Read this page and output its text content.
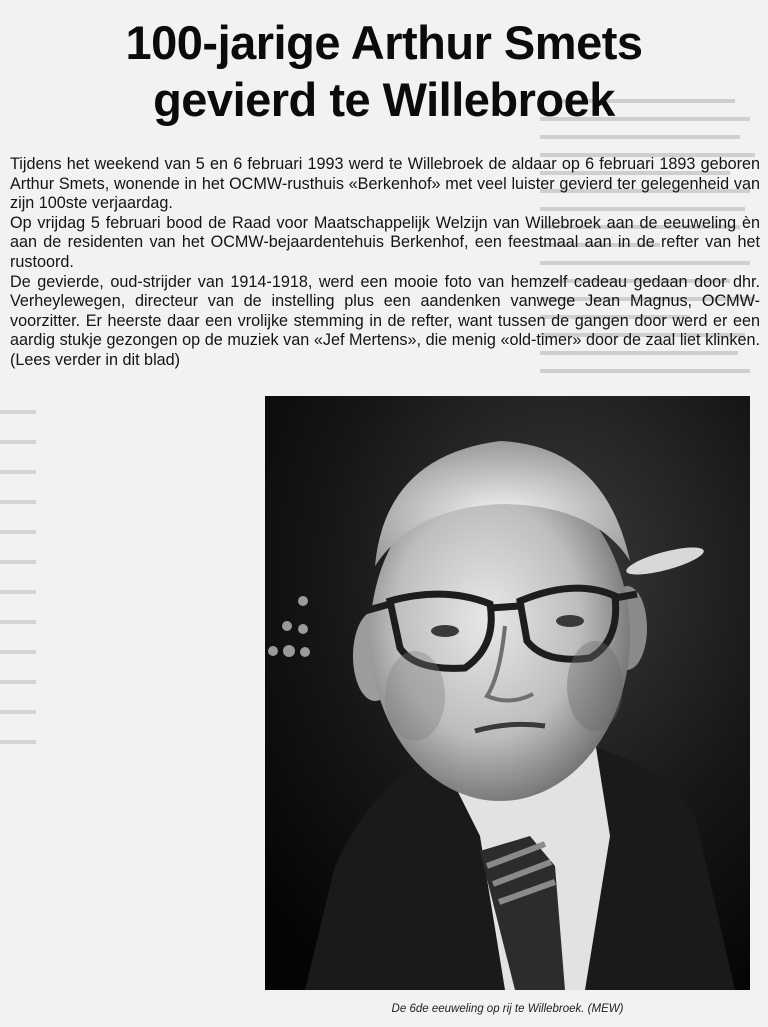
100-jarige Arthur Smets
gevierd te Willebroek

Tijdens het weekend van 5 en 6 februari 1993 werd te Willebroek de aldaar op 6 februari 1893 geboren Arthur Smets, wonende in het OCMW-rusthuis «Berkenhof» met veel luister gevierd ter gelegenheid van zijn 100ste verjaardag.

Op vrijdag 5 februari bood de Raad voor Maatschappelijk Welzijn van Willebroek aan de eeuweling èn aan de residenten van het OCMW-bejaardentehuis Berkenhof, een feestmaal aan in de refter van het rustoord.

De gevierde, oud-strijder van 1914-1918, werd een mooie foto van hemzelf cadeau gedaan door dhr. Verheylewegen, directeur van de instelling plus een aandenken vanwege Jean Magnus, OCMW-voorzitter. Er heerste daar een vrolijke stemming in de refter, want tussen de gangen door werd er een aardig stukje gezongen op de muziek van «Jef Mertens», die menig «old-timer» door de zaal liet klinken. (Lees verder in dit blad)

De 6de eeuweling op rij te Willebroek. (MEW)
